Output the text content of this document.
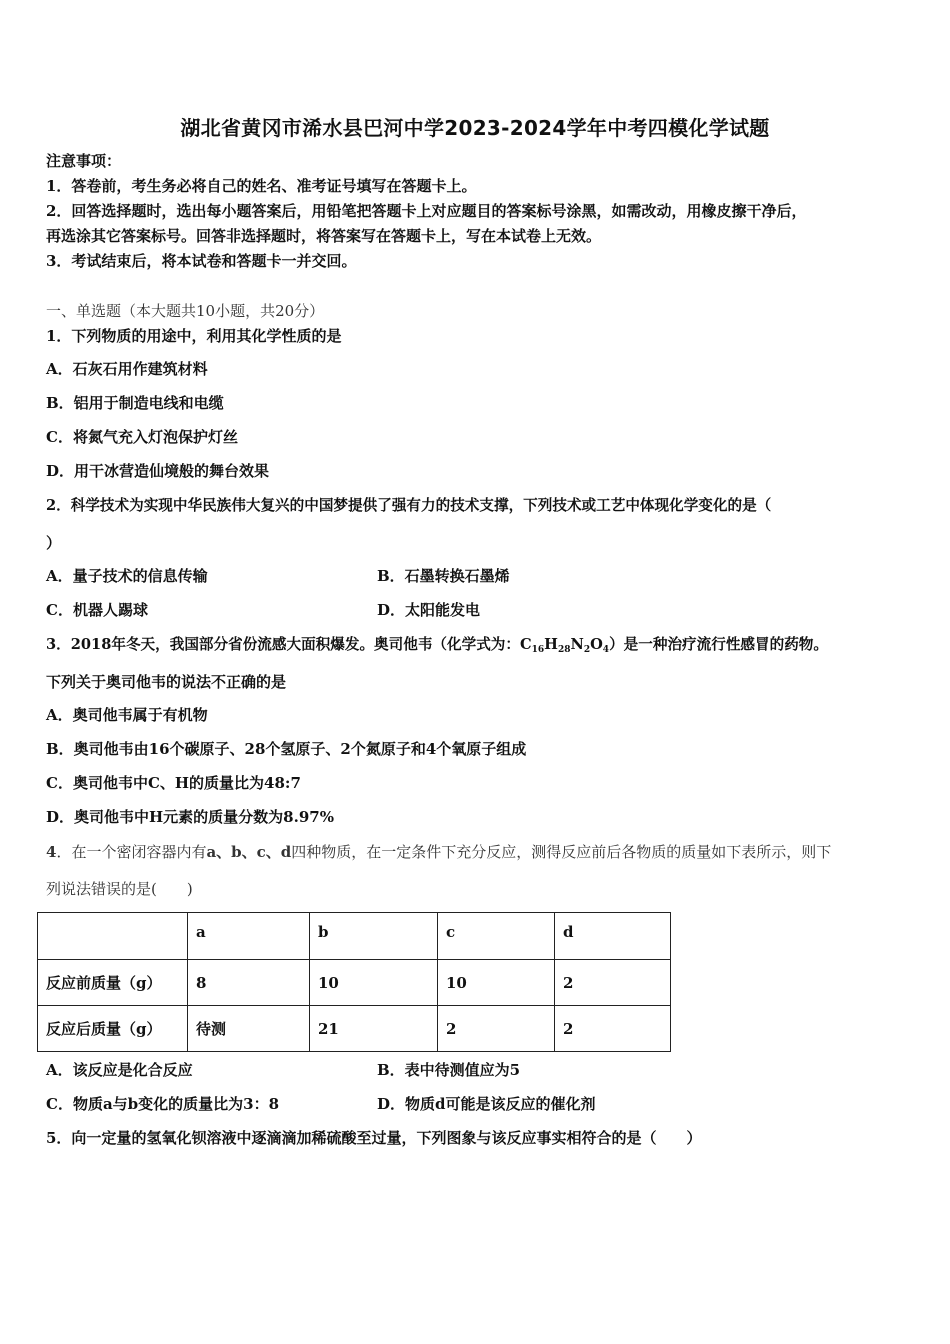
湖北省黄冈市浠水县巴河中学2023-2024学年中考四模化学试题
注意事项：
1．答卷前，考生务必将自己的姓名、准考证号填写在答题卡上。
2．回答选择题时，选出每小题答案后，用铅笔把答题卡上对应题目的答案标号涂黑，如需改动，用橡皮擦干净后，
再选涂其它答案标号。回答非选择题时，将答案写在答题卡上，写在本试卷上无效。
3．考试结束后，将本试卷和答题卡一并交回。
一、单选题（本大题共10小题，共20分）
1．下列物质的用途中，利用其化学性质的是
A．石灰石用作建筑材料
B．铝用于制造电线和电缆
C．将氮气充入灯泡保护灯丝
D．用干冰营造仙境般的舞台效果
2．科学技术为实现中华民族伟大复兴的中国梦提供了强有力的技术支撑，下列技术或工艺中体现化学变化的是（
）
A．量子技术的信息传输	B．石墨转换石墨烯
C．机器人踢球	D．太阳能发电
3．2018年冬天，我国部分省份流感大面积爆发。奥司他韦（化学式为：$C_{16}H_{28}N_2O_4$）是一种治疗流行性感冒的药物。
下列关于奥司他韦的说法不正确的是
A．奥司他韦属于有机物
B．奥司他韦由16个碳原子、28个氢原子、2个氮原子和4个氧原子组成
C．奥司他韦中C、H的质量比为48:7
D．奥司他韦中H元素的质量分数为8.97%
4．在一个密闭容器内有a、b、c、d四种物质，在一定条件下充分反应，测得反应前后各物质的质量如下表所示，则下
列说法错误的是(　　)
	a	b	c	d
反应前质量（g）	8	10	10	2
反应后质量（g）	待测	21	2	2
A．该反应是化合反应	B．表中待测值应为5
C．物质a与b变化的质量比为3：8	D．物质d可能是该反应的催化剂
5．向一定量的氢氧化钡溶液中逐滴滴加稀硫酸至过量，下列图象与该反应事实相符合的是（　　）
